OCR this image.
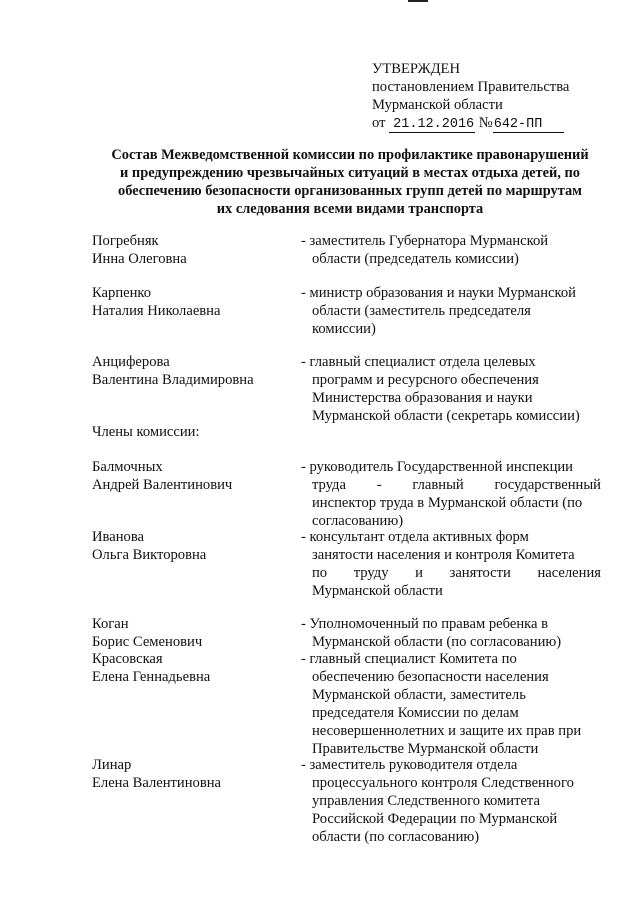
УТВЕРЖДЕН
постановлением Правительства
Мурманской области
от 21.12.2016 №642-ПП
Состав Межведомственной комиссии по профилактике правонарушений
и предупреждению чрезвычайных ситуаций в местах отдыха детей, по
обеспечению безопасности организованных групп детей по маршрутам
их следования всеми видами транспорта
Погребняк
Инна Олеговна
- заместитель Губернатора Мурманской
области (председатель комиссии)
Карпенко
Наталия Николаевна
- министр образования и науки Мурманской
области (заместитель председателя
комиссии)
Анциферова
Валентина Владимировна
- главный специалист отдела целевых
программ и ресурсного обеспечения
Министерства образования и науки
Мурманской области (секретарь комиссии)
Члены комиссии:
Балмочных
Андрей Валентинович
- руководитель Государственной инспекции
труда - главный государственный
инспектор труда в Мурманской области (по
согласованию)
Иванова
Ольга Викторовна
- консультант отдела активных форм
занятости населения и контроля Комитета
по труду и занятости населения
Мурманской области
Коган
Борис Семенович
- Уполномоченный по правам ребенка в
Мурманской области (по согласованию)
Красовская
Елена Геннадьевна
- главный специалист Комитета по
обеспечению безопасности населения
Мурманской области, заместитель
председателя Комиссии по делам
несовершеннолетних и защите их прав при
Правительстве Мурманской области
Линар
Елена Валентиновна
- заместитель руководителя отдела
процессуального контроля Следственного
управления Следственного комитета
Российской Федерации по Мурманской
области (по согласованию)
